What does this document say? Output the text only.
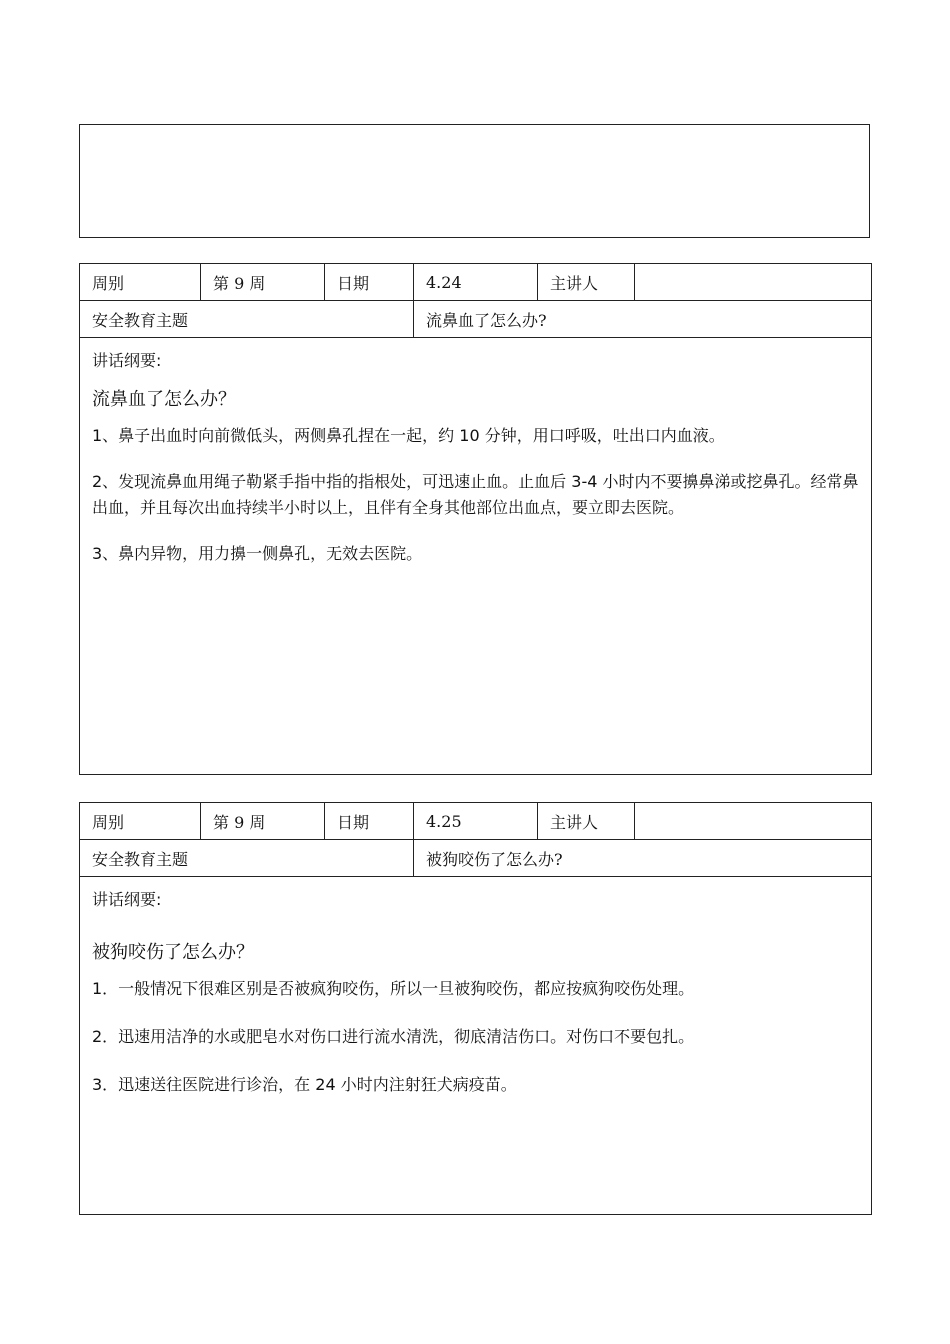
周别	第 9 周	日期	4.24	主讲人	
安全教育主题			流鼻血了怎么办?		

讲话纲要:
流鼻血了怎么办？
1、鼻子出血时向前微低头，两侧鼻孔捏在一起，约 10 分钟，用口呼吸，吐出口内血液。
2、发现流鼻血用绳子勒紧手指中指的指根处，可迅速止血。止血后 3-4 小时内不要擤鼻涕或挖鼻孔。经常鼻出血，并且每次出血持续半小时以上，且伴有全身其他部位出血点，要立即去医院。
3、鼻内异物，用力擤一侧鼻孔，无效去医院。					
周别	第 9 周	日期	4.25	主讲人	
安全教育主题			被狗咬伤了怎么办?		

讲话纲要:
被狗咬伤了怎么办？
1．一般情况下很难区别是否被疯狗咬伤，所以一旦被狗咬伤，都应按疯狗咬伤处理。
2．迅速用洁净的水或肥皂水对伤口进行流水清洗，彻底清洁伤口。对伤口不要包扎。
3．迅速送往医院进行诊治，在 24 小时内注射狂犬病疫苗。					
